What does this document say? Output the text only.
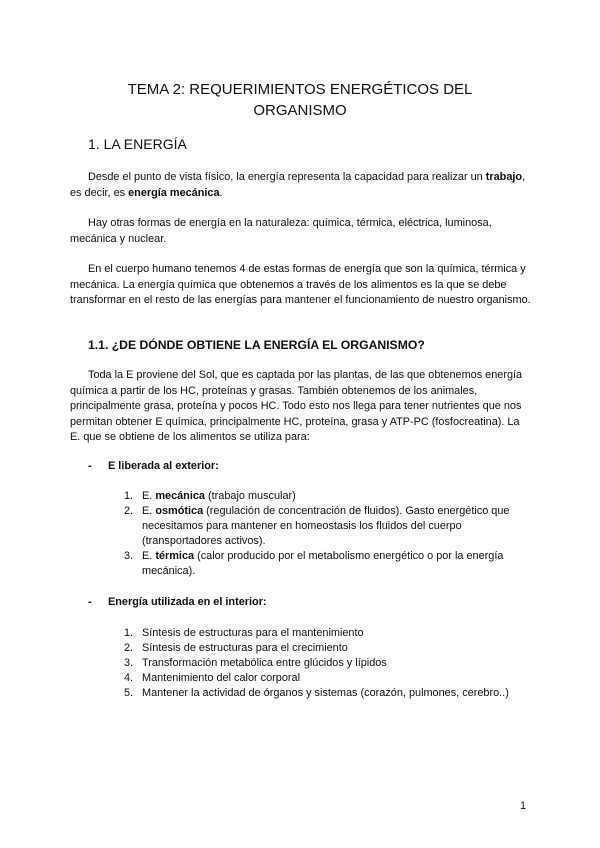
TEMA 2: REQUERIMIENTOS ENERGÉTICOS DEL
ORGANISMO
1. LA ENERGÍA

Desde el punto de vista físico, la energía representa la capacidad para realizar un trabajo, es decir, es energía mecánica.

Hay otras formas de energía en la naturaleza: química, térmica, eléctrica, luminosa, mecánica y nuclear.

En el cuerpo humano tenemos 4 de estas formas de energía que son la química, térmica y mecánica. La energía química que obtenemos a través de los alimentos es la que se debe transformar en el resto de las energías para mantener el funcionamiento de nuestro organismo.

1.1. ¿DE DÓNDE OBTIENE LA ENERGÍA EL ORGANISMO?

Toda la E proviene del Sol, que es captada por las plantas, de las que obtenemos energía química a partir de los HC, proteínas y grasas. También obtenemos de los animales, principalmente grasa, proteína y pocos HC. Todo esto nos llega para tener nutrientes que nos permitan obtener E química, principalmente HC, proteína, grasa y ATP-PC (fosfocreatina). La E. que se obtiene de los alimentos se utiliza para:

- E liberada al exterior:
1. E. mecánica (trabajo muscular)
2. E. osmótica (regulación de concentración de fluidos). Gasto energético que necesitamos para mantener en homeostasis los fluidos del cuerpo (transportadores activos).
3. E. térmica (calor producido por el metabolismo energético o por la energía mecánica).
- Energía utilizada en el interior:
1. Síntesis de estructuras para el mantenimiento
2. Síntesis de estructuras para el crecimiento
3. Transformación metabólica entre glúcidos y lípidos
4. Mantenimiento del calor corporal
5. Mantener la actividad de órganos y sistemas (corazón, pulmones, cerebro..)
1
